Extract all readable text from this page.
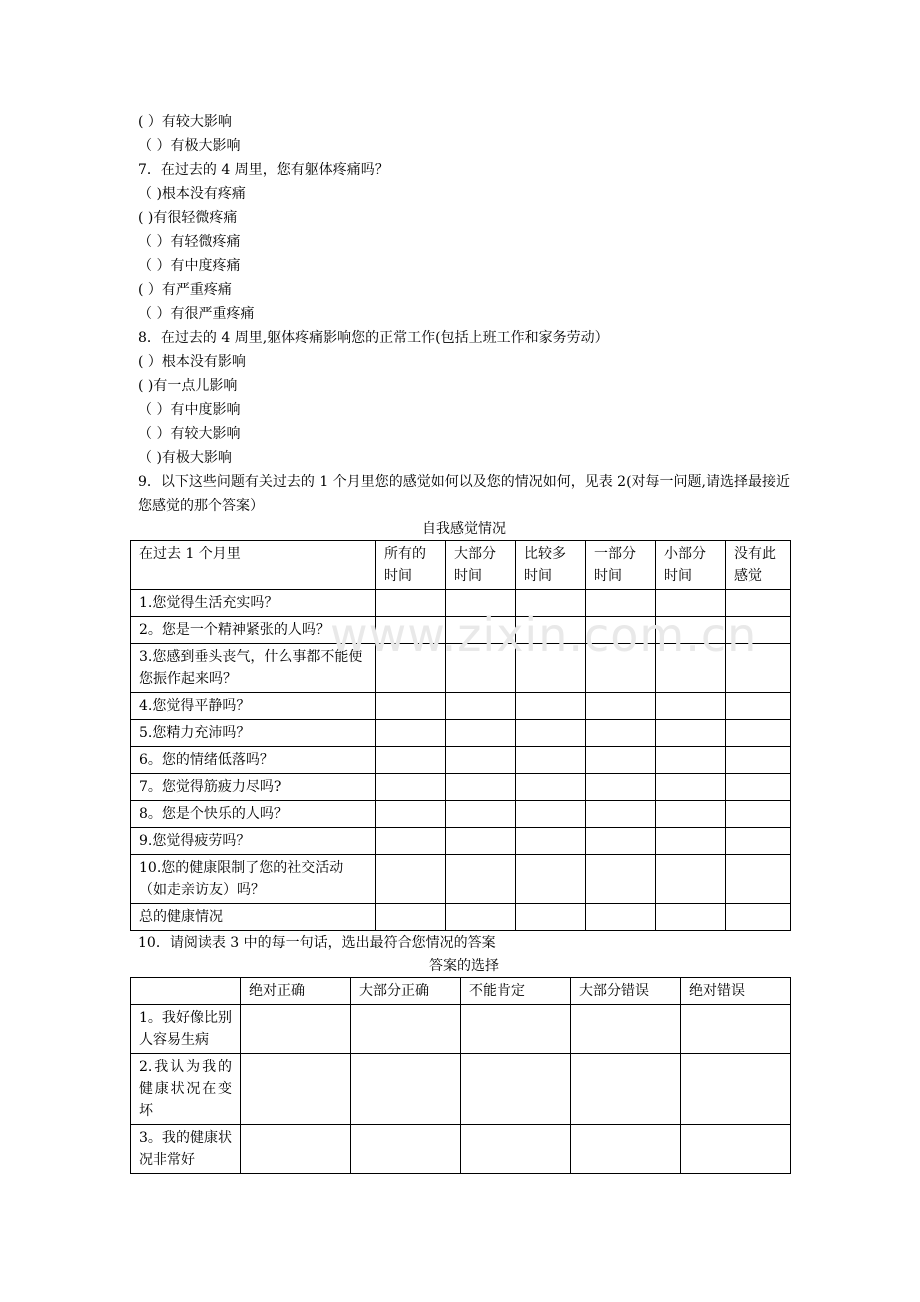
www.zixin.com.cn
( ）有较大影响
（ ）有极大影响
7．在过去的 4 周里，您有躯体疼痛吗？
（ )根本没有疼痛
( )有很轻微疼痛
（ ）有轻微疼痛
（ ）有中度疼痛
( ）有严重疼痛
（ ）有很严重疼痛
8．在过去的 4 周里,躯体疼痛影响您的正常工作(包括上班工作和家务劳动）
( ）根本没有影响
( )有一点儿影响
（ ）有中度影响
（ ）有较大影响
（ )有极大影响
9．以下这些问题有关过去的 1 个月里您的感觉如何以及您的情况如何，见表 2(对每一问题,请选择最接近您感觉的那个答案）
自我感觉情况
在过去 1 个月里	所有的时间	大部分时间	比较多时间	一部分时间	小部分时间	没有此感觉
1.您觉得生活充实吗？						
2。您是一个精神紧张的人吗？						
3.您感到垂头丧气，什么事都不能使您振作起来吗？						
4.您觉得平静吗？						
5.您精力充沛吗？						
6。您的情绪低落吗？						
7。您觉得筋疲力尽吗?						
8。您是个快乐的人吗？						
9.您觉得疲劳吗？						
10.您的健康限制了您的社交活动（如走亲访友）吗？						
总的健康情况						
10．请阅读表 3 中的每一句话，选出最符合您情况的答案
答案的选择
	绝对正确	大部分正确	不能肯定	大部分错误	绝对错误
1。我好像比别人容易生病					
2.我认为我的健康状况在变坏					
3。我的健康状况非常好					
